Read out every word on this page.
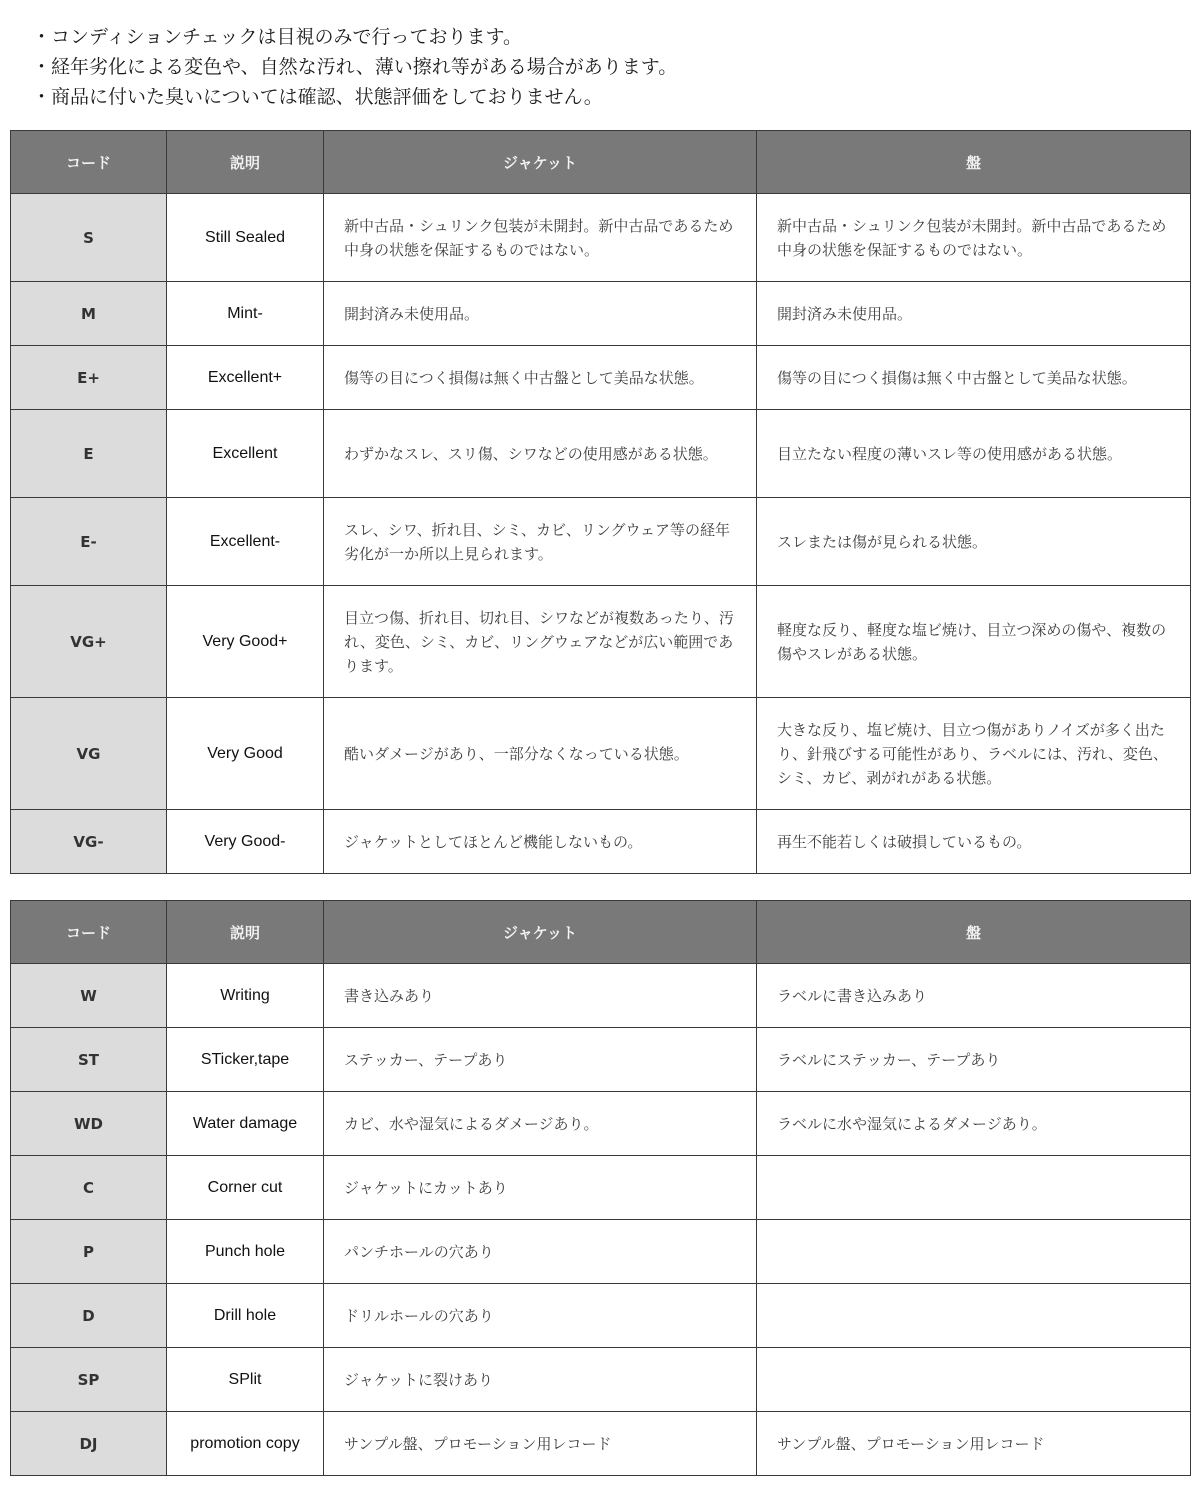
・コンディションチェックは目視のみで行っております。
・経年劣化による変色や、自然な汚れ、薄い擦れ等がある場合があります。
・商品に付いた臭いについては確認、状態評価をしておりません。
コード	説明	ジャケット	盤
S	Still Sealed	新中古品・シュリンク包装が未開封。新中古品であるため中身の状態を保証するものではない。	新中古品・シュリンク包装が未開封。新中古品であるため中身の状態を保証するものではない。
M	Mint-	開封済み未使用品。	開封済み未使用品。
E+	Excellent+	傷等の目につく損傷は無く中古盤として美品な状態。	傷等の目につく損傷は無く中古盤として美品な状態。
E	Excellent	わずかなスレ、スリ傷、シワなどの使用感がある状態。	目立たない程度の薄いスレ等の使用感がある状態。
E-	Excellent-	スレ、シワ、折れ目、シミ、カビ、リングウェア等の経年劣化が一か所以上見られます。	スレまたは傷が見られる状態。
VG+	Very Good+	目立つ傷、折れ目、切れ目、シワなどが複数あったり、汚れ、変色、シミ、カビ、リングウェアなどが広い範囲であります。	軽度な反り、軽度な塩ビ焼け、目立つ深めの傷や、複数の傷やスレがある状態。
VG	Very Good	酷いダメージがあり、一部分なくなっている状態。	大きな反り、塩ビ焼け、目立つ傷がありノイズが多く出たり、針飛びする可能性があり、ラベルには、汚れ、変色、シミ、カビ、剥がれがある状態。
VG-	Very Good-	ジャケットとしてほとんど機能しないもの。	再生不能若しくは破損しているもの。
コード	説明	ジャケット	盤
W	Writing	書き込みあり	ラベルに書き込みあり
ST	STicker,tape	ステッカー、テープあり	ラベルにステッカー、テープあり
WD	Water damage	カビ、水や湿気によるダメージあり。	ラベルに水や湿気によるダメージあり。
C	Corner cut	ジャケットにカットあり	
P	Punch hole	パンチホールの穴あり	
D	Drill hole	ドリルホールの穴あり	
SP	SPlit	ジャケットに裂けあり	
DJ	promotion copy	サンプル盤、プロモーション用レコード	サンプル盤、プロモーション用レコード
